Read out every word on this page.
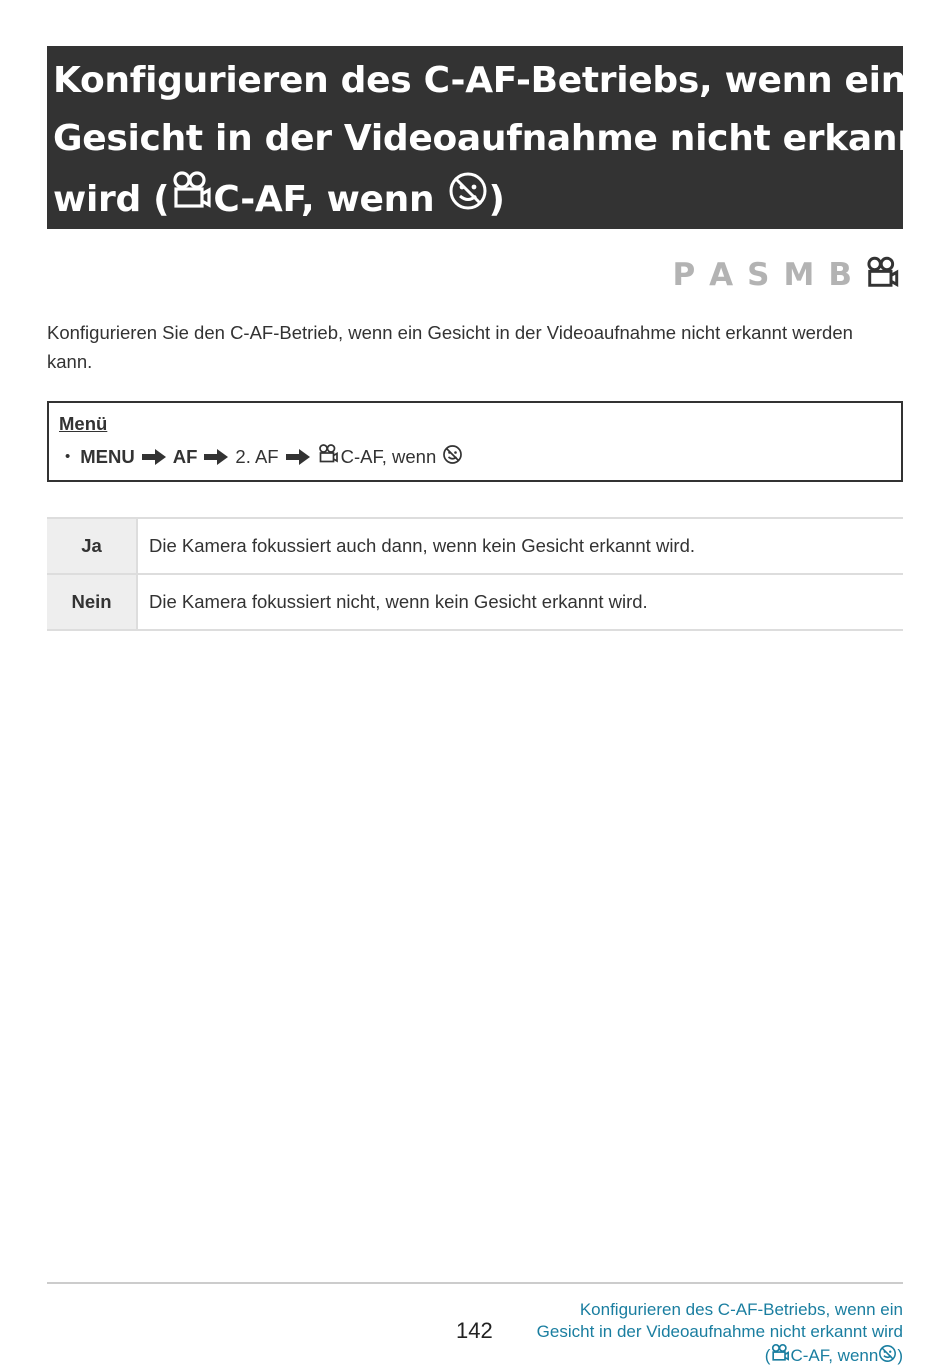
Konfigurieren des C-AF-Betriebs, wenn ein
Gesicht in der Videoaufnahme nicht erkannt
wird ( C-AF, wenn )
P A S M B
Konfigurieren Sie den C-AF-Betrieb, wenn ein Gesicht in der Videoaufnahme nicht erkannt werden kann.
Menü
• MENU AF 2. AF	C-AF, wenn
Ja	Die Kamera fokussiert auch dann, wenn kein Gesicht erkannt wird.
Nein	Die Kamera fokussiert nicht, wenn kein Gesicht erkannt wird.
142
Konfigurieren des C-AF-Betriebs, wenn ein
Gesicht in der Videoaufnahme nicht erkannt wird
( C-AF, wenn )
